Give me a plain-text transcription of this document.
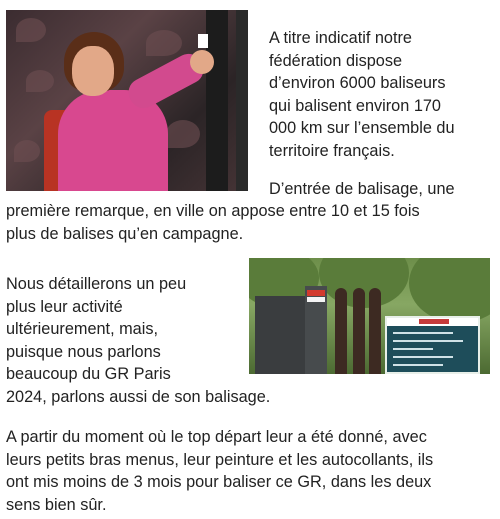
A titre indicatif notre
fédération dispose
d’environ 6000 baliseurs
qui balisent environ 170
000 km sur l’ensemble du
territoire français.

D’entrée de balisage, une

première remarque, en ville on appose entre 10 et 15 fois
plus de balises qu’en campagne.

Nous détaillerons un peu
plus leur activité
ultérieurement, mais,
puisque nous parlons
beaucoup du GR Paris
2024, parlons aussi de son balisage.

A partir du moment où le top départ leur a été donné, avec
leurs petits bras menus, leur peinture et les autocollants, ils
ont mis moins de 3 mois pour baliser ce GR, dans les deux
sens bien sûr.
